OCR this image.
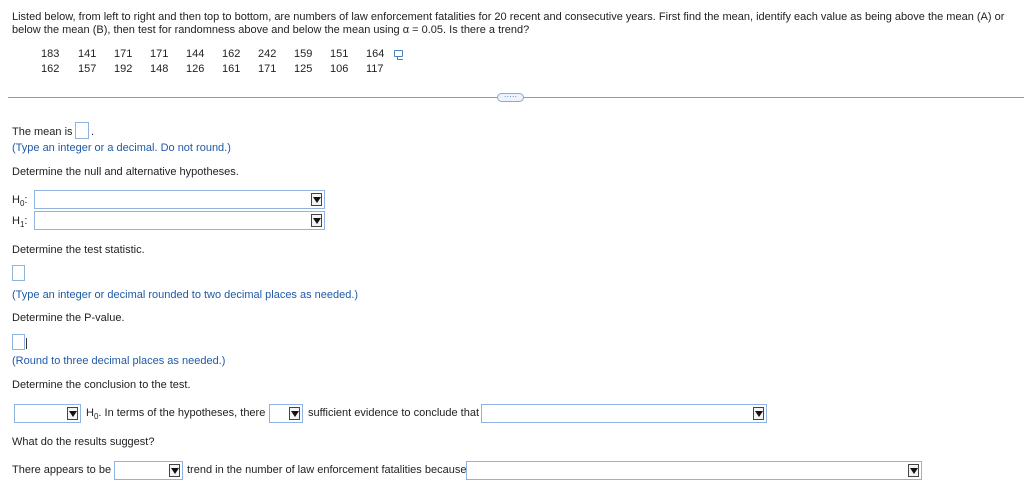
Listed below, from left to right and then top to bottom, are numbers of law enforcement fatalities for 20 recent and consecutive years. First find the mean, identify each value as being above the mean (A) or below the mean (B), then test for randomness above and below the mean using α = 0.05. Is there a trend?
183 141 171 171 144 162 242 159 151 164
162 157 192 148 126 161 171 125 106 117
·····
The mean is .
(Type an integer or a decimal. Do not round.)
Determine the null and alternative hypotheses.
$H_0$:
$H_1$:
Determine the test statistic.
(Type an integer or decimal rounded to two decimal places as needed.)
Determine the P-value.
(Round to three decimal places as needed.)
Determine the conclusion to the test.
$H_0$. In terms of the hypotheses, there	sufficient evidence to conclude that
What do the results suggest?
There appears to be	trend in the number of law enforcement fatalities because
